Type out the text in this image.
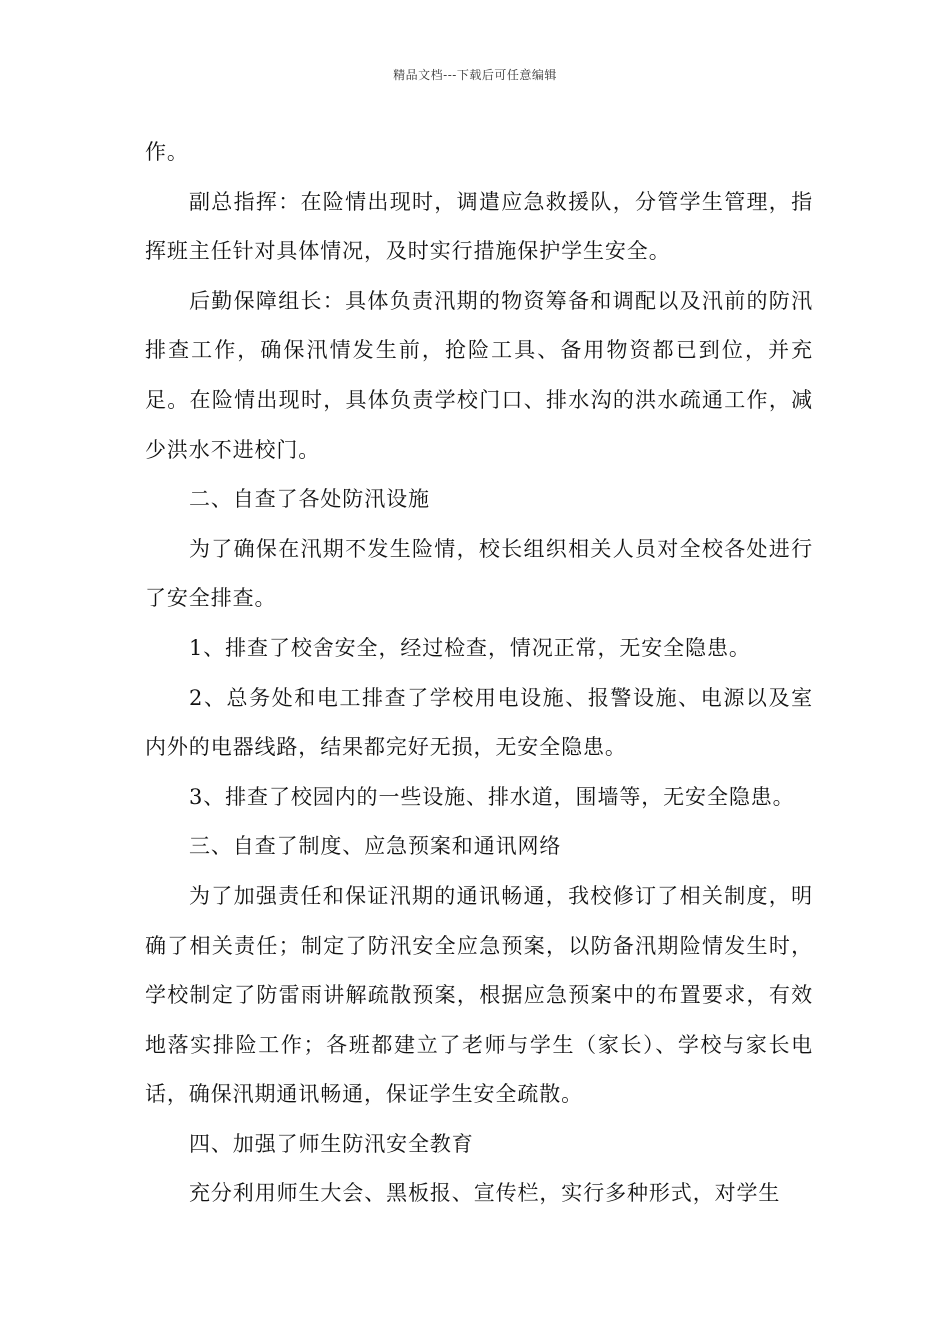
精品文档---下载后可任意编辑

作。

副总指挥：在险情出现时，调遣应急救援队，分管学生管理，指挥班主任针对具体情况，及时实行措施保护学生安全。

后勤保障组长：具体负责汛期的物资筹备和调配以及汛前的防汛排查工作，确保汛情发生前，抢险工具、备用物资都已到位，并充足。在险情出现时，具体负责学校门口、排水沟的洪水疏通工作，减少洪水不进校门。

二、自查了各处防汛设施

为了确保在汛期不发生险情，校长组织相关人员对全校各处进行了安全排查。

1、排查了校舍安全，经过检查，情况正常，无安全隐患。

2、总务处和电工排查了学校用电设施、报警设施、电源以及室内外的电器线路，结果都完好无损，无安全隐患。

3、排查了校园内的一些设施、排水道，围墙等，无安全隐患。

三、自查了制度、应急预案和通讯网络

为了加强责任和保证汛期的通讯畅通，我校修订了相关制度，明确了相关责任；制定了防汛安全应急预案，以防备汛期险情发生时，学校制定了防雷雨讲解疏散预案，根据应急预案中的布置要求，有效地落实排险工作；各班都建立了老师与学生（家长）、学校与家长电话，确保汛期通讯畅通，保证学生安全疏散。

四、加强了师生防汛安全教育

充分利用师生大会、黑板报、宣传栏，实行多种形式，对学生
